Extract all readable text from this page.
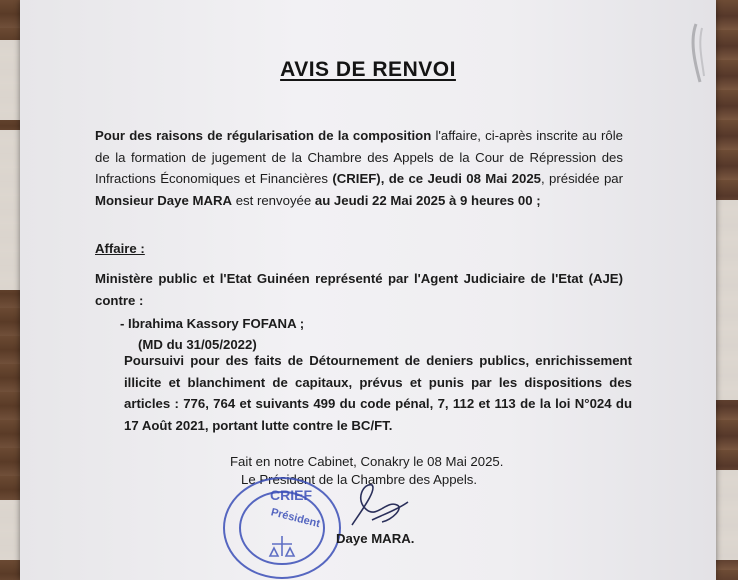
AVIS DE RENVOI
Pour des raisons de régularisation de la composition l'affaire, ci-après inscrite au rôle de la formation de jugement de la Chambre des Appels de la Cour de Répression des Infractions Économiques et Financières (CRIEF), de ce Jeudi 08 Mai 2025, présidée par Monsieur Daye MARA est renvoyée au Jeudi 22 Mai 2025 à 9 heures 00 ;
Affaire :
Ministère public et l'Etat Guinéen représenté par l'Agent Judiciaire de l'Etat (AJE) contre :
- Ibrahima Kassory FOFANA ;
(MD du 31/05/2022)
Poursuivi pour des faits de Détournement de deniers publics, enrichissement illicite et blanchiment de capitaux, prévus et punis par les dispositions des articles : 776, 764 et suivants 499 du code pénal, 7, 112 et 113 de la loi N°024 du 17 Août 2021, portant lutte contre le BC/FT.
Fait en notre Cabinet, Conakry le 08 Mai 2025.
Le Président de la Chambre des Appels.
CRIEF
Président
Daye MARA.
